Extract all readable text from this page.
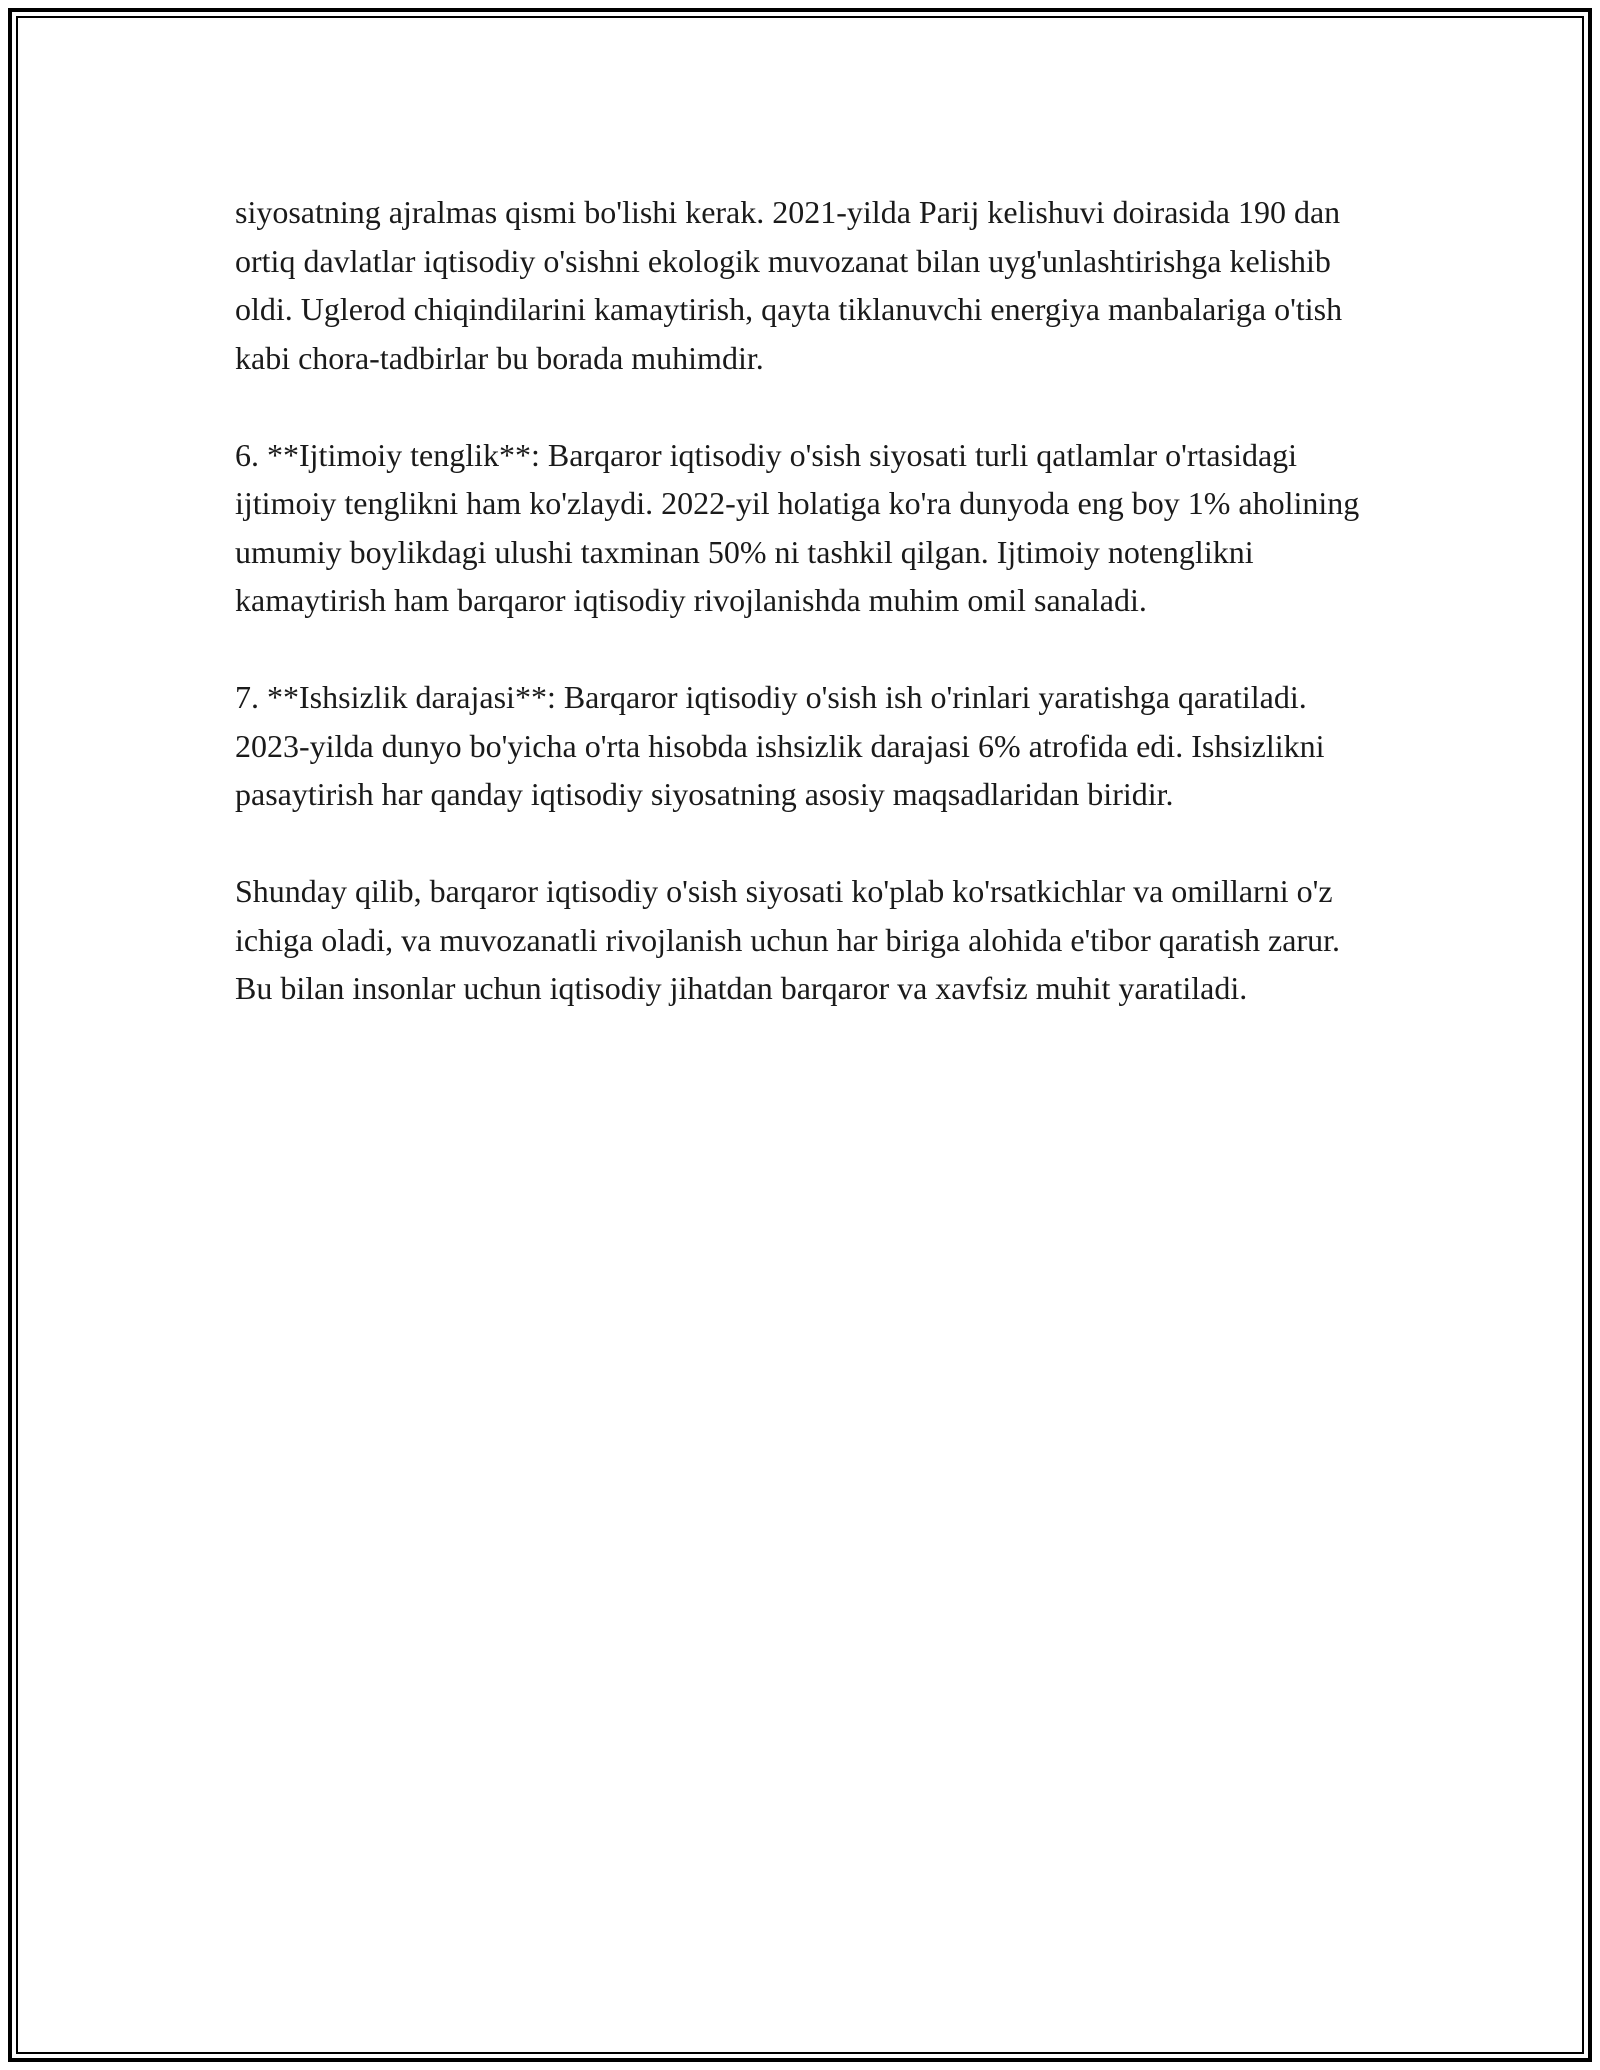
siyosatning ajralmas qismi bo'lishi kerak. 2021-yilda Parij kelishuvi doirasida 190 dan ortiq davlatlar iqtisodiy o'sishni ekologik muvozanat bilan uyg'unlashtirishga kelishib oldi. Uglerod chiqindilarini kamaytirish, qayta tiklanuvchi energiya manbalariga o'tish kabi chora-tadbirlar bu borada muhimdir.

6. **Ijtimoiy tenglik**: Barqaror iqtisodiy o'sish siyosati turli qatlamlar o'rtasidagi ijtimoiy tenglikni ham ko'zlaydi. 2022-yil holatiga ko'ra dunyoda eng boy 1% aholining umumiy boylikdagi ulushi taxminan 50% ni tashkil qilgan. Ijtimoiy notenglikni kamaytirish ham barqaror iqtisodiy rivojlanishda muhim omil sanaladi.

7. **Ishsizlik darajasi**: Barqaror iqtisodiy o'sish ish o'rinlari yaratishga qaratiladi. 2023-yilda dunyo bo'yicha o'rta hisobda ishsizlik darajasi 6% atrofida edi. Ishsizlikni pasaytirish har qanday iqtisodiy siyosatning asosiy maqsadlaridan biridir.

Shunday qilib, barqaror iqtisodiy o'sish siyosati ko'plab ko'rsatkichlar va omillarni o'z ichiga oladi, va muvozanatli rivojlanish uchun har biriga alohida e'tibor qaratish zarur. Bu bilan insonlar uchun iqtisodiy jihatdan barqaror va xavfsiz muhit yaratiladi.
